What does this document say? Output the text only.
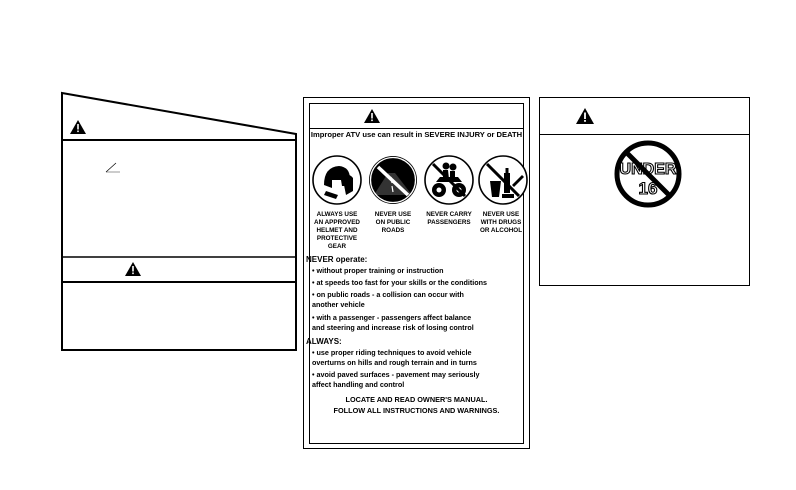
Improper ATV use can result in SEVERE INJURY or DEATH
ALWAYS USE
AN APPROVED
HELMET AND
PROTECTIVE
GEAR
NEVER USE
ON PUBLIC
ROADS
NEVER CARRY
PASSENGERS
NEVER USE
WITH DRUGS
OR ALCOHOL
NEVER operate:
• without proper training or instruction
• at speeds too fast for your skills or the conditions
• on public roads - a collision can occur with
another vehicle
• with a passenger - passengers affect balance
and steering and increase risk of losing control
ALWAYS:
• use proper riding techniques to avoid vehicle
overturns on hills and rough terrain and in turns
• avoid paved surfaces - pavement may seriously
affect handling and control
LOCATE AND READ OWNER'S MANUAL.
FOLLOW ALL INSTRUCTIONS AND WARNINGS.
UNDER
16
